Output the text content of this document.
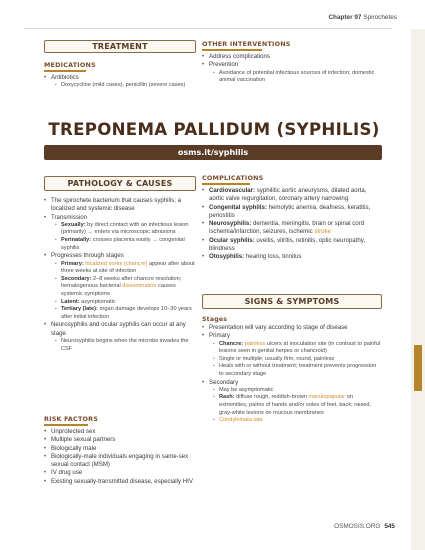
Chapter 97 Spirochetes
TREATMENT
MEDICATIONS
• Antibiotics
• Doxycycline (mild cases), penicillin (severe cases)
OTHER INTERVENTIONS
• Address complications
• Prevention
• Avoidance of potential infectious sources of infection; domestic animal vaccination
TREPONEMA PALLIDUM (SYPHILIS)
osms.it/syphilis
PATHOLOGY & CAUSES
• The spirochete bacterium that causes syphilis; a localized and systemic disease
• Transmission
• Sexually: by direct contact with an infectious lesion (primarily) → enters via microscopic abrasions
• Perinatally: crosses placenta easily → congenital syphilis
• Progresses through stages
• Primary: localized sores (chancre) appear after about three weeks at site of infection
• Secondary: 2–8 weeks after chancre resolution; hematogenous bacterial dissemination causes systemic symptoms
• Latent: asymptomatic
• Tertiary (late): organ damage develops 10–30 years after initial infection
• Neurosyphilis and ocular syphilis can occur at any stage
• Neurosyphilis begins when the microbe invades the CSF
RISK FACTORS
• Unprotected sex
• Multiple sexual partners
• Biologically male
• Biologically-male individuals engaging in same-sex sexual contact (MSM)
• IV drug use
• Existing sexually-transmitted disease, especially HIV
COMPLICATIONS
• Cardiovascular: syphilitic aortic aneurysms, dilated aorta, aortic valve regurgitation, coronary artery narrowing
• Congenital syphilis: hemolytic anemia, deafness, keratitis, periostitis
• Neurosyphilis: dementia, meningitis, brain or spinal cord ischemia/infarction, seizures, ischemic stroke
• Ocular syphilis: uveitis, vitritis, retinitis, optic neuropathy, blindness
• Otosyphilis: hearing loss, tinnitus
SIGNS & SYMPTOMS
Stages
• Presentation will vary according to stage of disease
• Primary
• Chancre: painless ulcers at inoculation site (in contrast to painful lesions seen in genital herpes or chancroid)
• Single or multiple; usually firm, round, painless
• Heals with or without treatment; treatment prevents progression to secondary stage
• Secondary
• May be asymptomatic
• Rash: diffuse rough, reddish-brown maculopapular on extremities, palms of hands and/or soles of feet, back; raised, gray-white lesions on mucous membranes
• Condylomata lata
OSMOSIS.ORG 545
